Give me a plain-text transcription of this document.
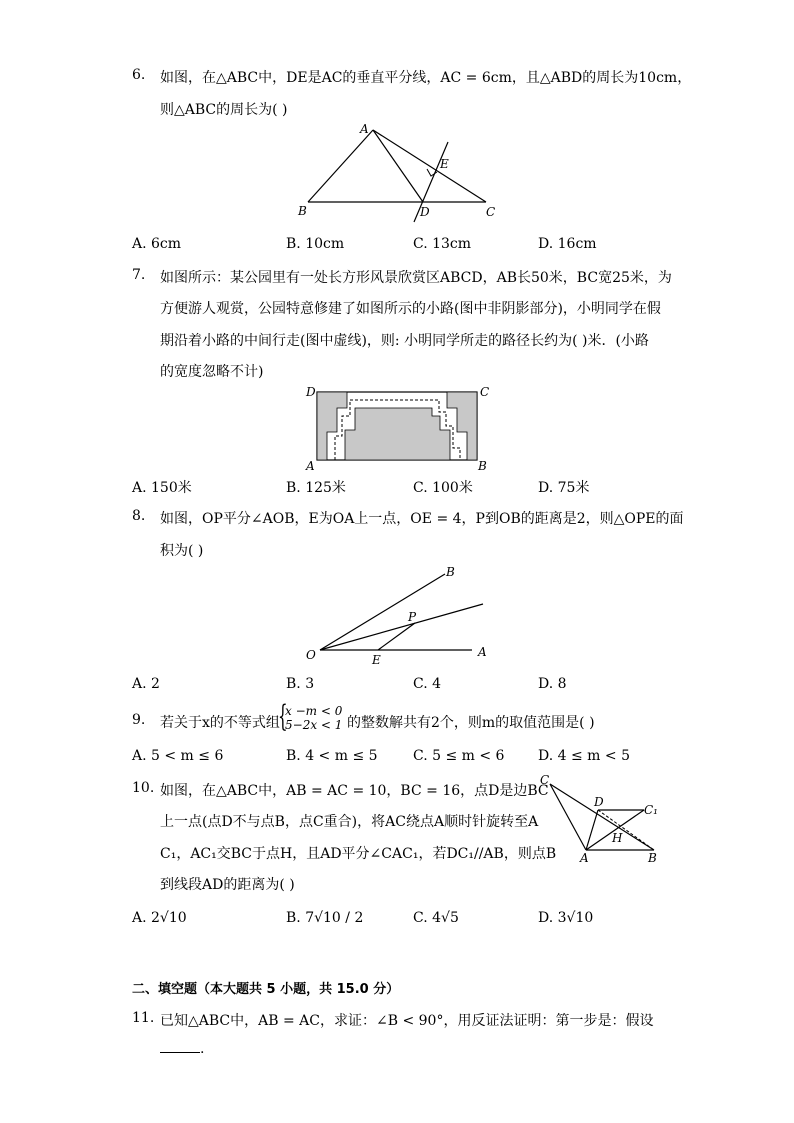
6. 如图，在△ABC中，DE是AC的垂直平分线，AC = 6cm，且△ABD的周长为10cm，
则△ABC的周长为( )
A
E
B	D	C
A. 6cm	B. 10cm	C. 13cm	D. 16cm
7. 如图所示：某公园里有一处长方形风景欣赏区ABCD，AB长50米，BC宽25米，为
方便游人观赏，公园特意修建了如图所示的小路(图中非阴影部分)，小明同学在假
期沿着小路的中间行走(图中虚线)，则: 小明同学所走的路径长约为( )米．(小路
的宽度忽略不计)
D	C
A	B
A. 150米	B. 125米	C. 100米	D. 75米
8. 如图，OP平分∠AOB，E为OA上一点，OE = 4，P到OB的距离是2，则△OPE的面
积为( )
B
P
O	E
A
A. 2	B. 3	C. 4	D. 8
9. 若关于x的不等式组
{
x −m < 0
5−2x < 1 的整数解共有2个，则m的取值范围是( )
A. 5 < m ≤ 6	B. 4 < m ≤ 5	C. 5 ≤ m < 6 D. 4 ≤ m < 5
10. 如图，在△ABC中，AB = AC = 10，BC = 16，点D是边BC
上一点(点D不与点B，点C重合)，将AC绕点A顺时针旋转至A
C₁，AC₁交BC于点H，且AD平分∠CAC₁，若DC₁//AB，则点B
到线段AD的距离为( )
C
D
C₁
H
A	B
A. 2√10	B. 7√10 / 2	C. 4√5	D. 3√10
二、填空题（本大题共 5 小题，共 15.0 分）
11. 已知△ABC中，AB = AC，求证：∠B < 90°，用反证法证明：第一步是：假设
.
